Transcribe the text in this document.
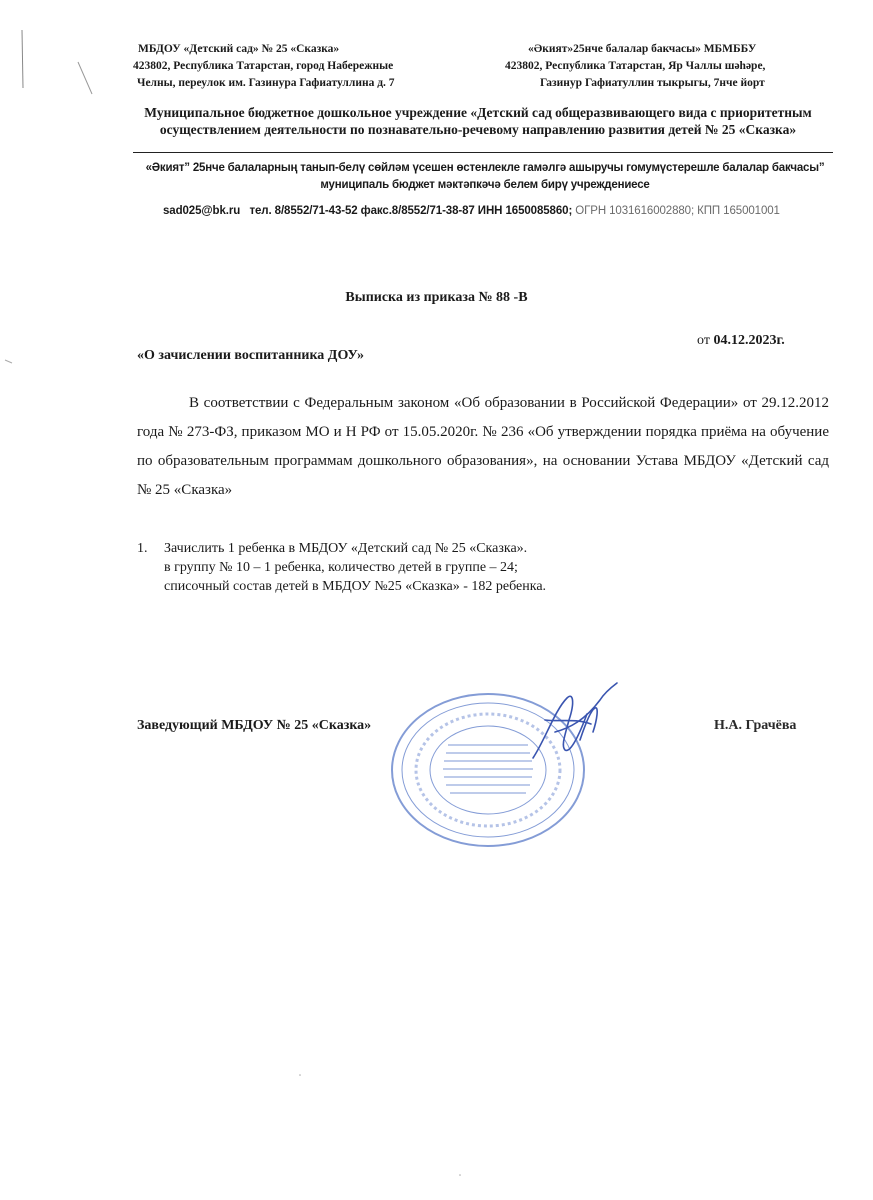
МБДОУ «Детский сад» № 25 «Сказка»
423802, Республика Татарстан, город Набережные
Челны, переулок им. Газинура Гафиатуллина д. 7
«Әкият»25нче балалар бакчасы» МБМББУ
423802, Республика Татарстан, Яр Чаллы шәһәре,
Газинур Гафиатуллин тыкрыгы, 7нче йорт
Муниципальное бюджетное дошкольное учреждение «Детский сад общеразвивающего вида с приоритетным осуществлением деятельности по познавательно-речевому направлению развития детей № 25 «Сказка»
«Әкият” 25нче балаларның танып-белү сөйләм үсешен өстенлекле гамәлгә ашыручы гомумүстерешле балалар бакчасы” муниципаль бюджет мәктәпкәчә белем бирү учреждениесе
sad025@bk.ru тел. 8/8552/71-43-52 факс.8/8552/71-38-87 ИНН 1650085860; ОГРН 1031616002880; КПП 165001001
Выписка из приказа № 88 -В
от 04.12.2023г.
«О зачислении воспитанника ДОУ»
В соответствии с Федеральным законом «Об образовании в Российской Федерации» от 29.12.2012 года № 273-ФЗ, приказом МО и Н РФ от 15.05.2020г. № 236 «Об утверждении порядка приёма на обучение по образовательным программам дошкольного образования», на основании Устава МБДОУ «Детский сад № 25 «Сказка»
1. Зачислить 1 ребенка в МБДОУ «Детский сад № 25 «Сказка».
в группу № 10 – 1 ребенка, количество детей в группе – 24;
списочный состав детей в МБДОУ №25 «Сказка» - 182 ребенка.
Заведующий МБДОУ № 25 «Сказка»	Н.А. Грачёва
